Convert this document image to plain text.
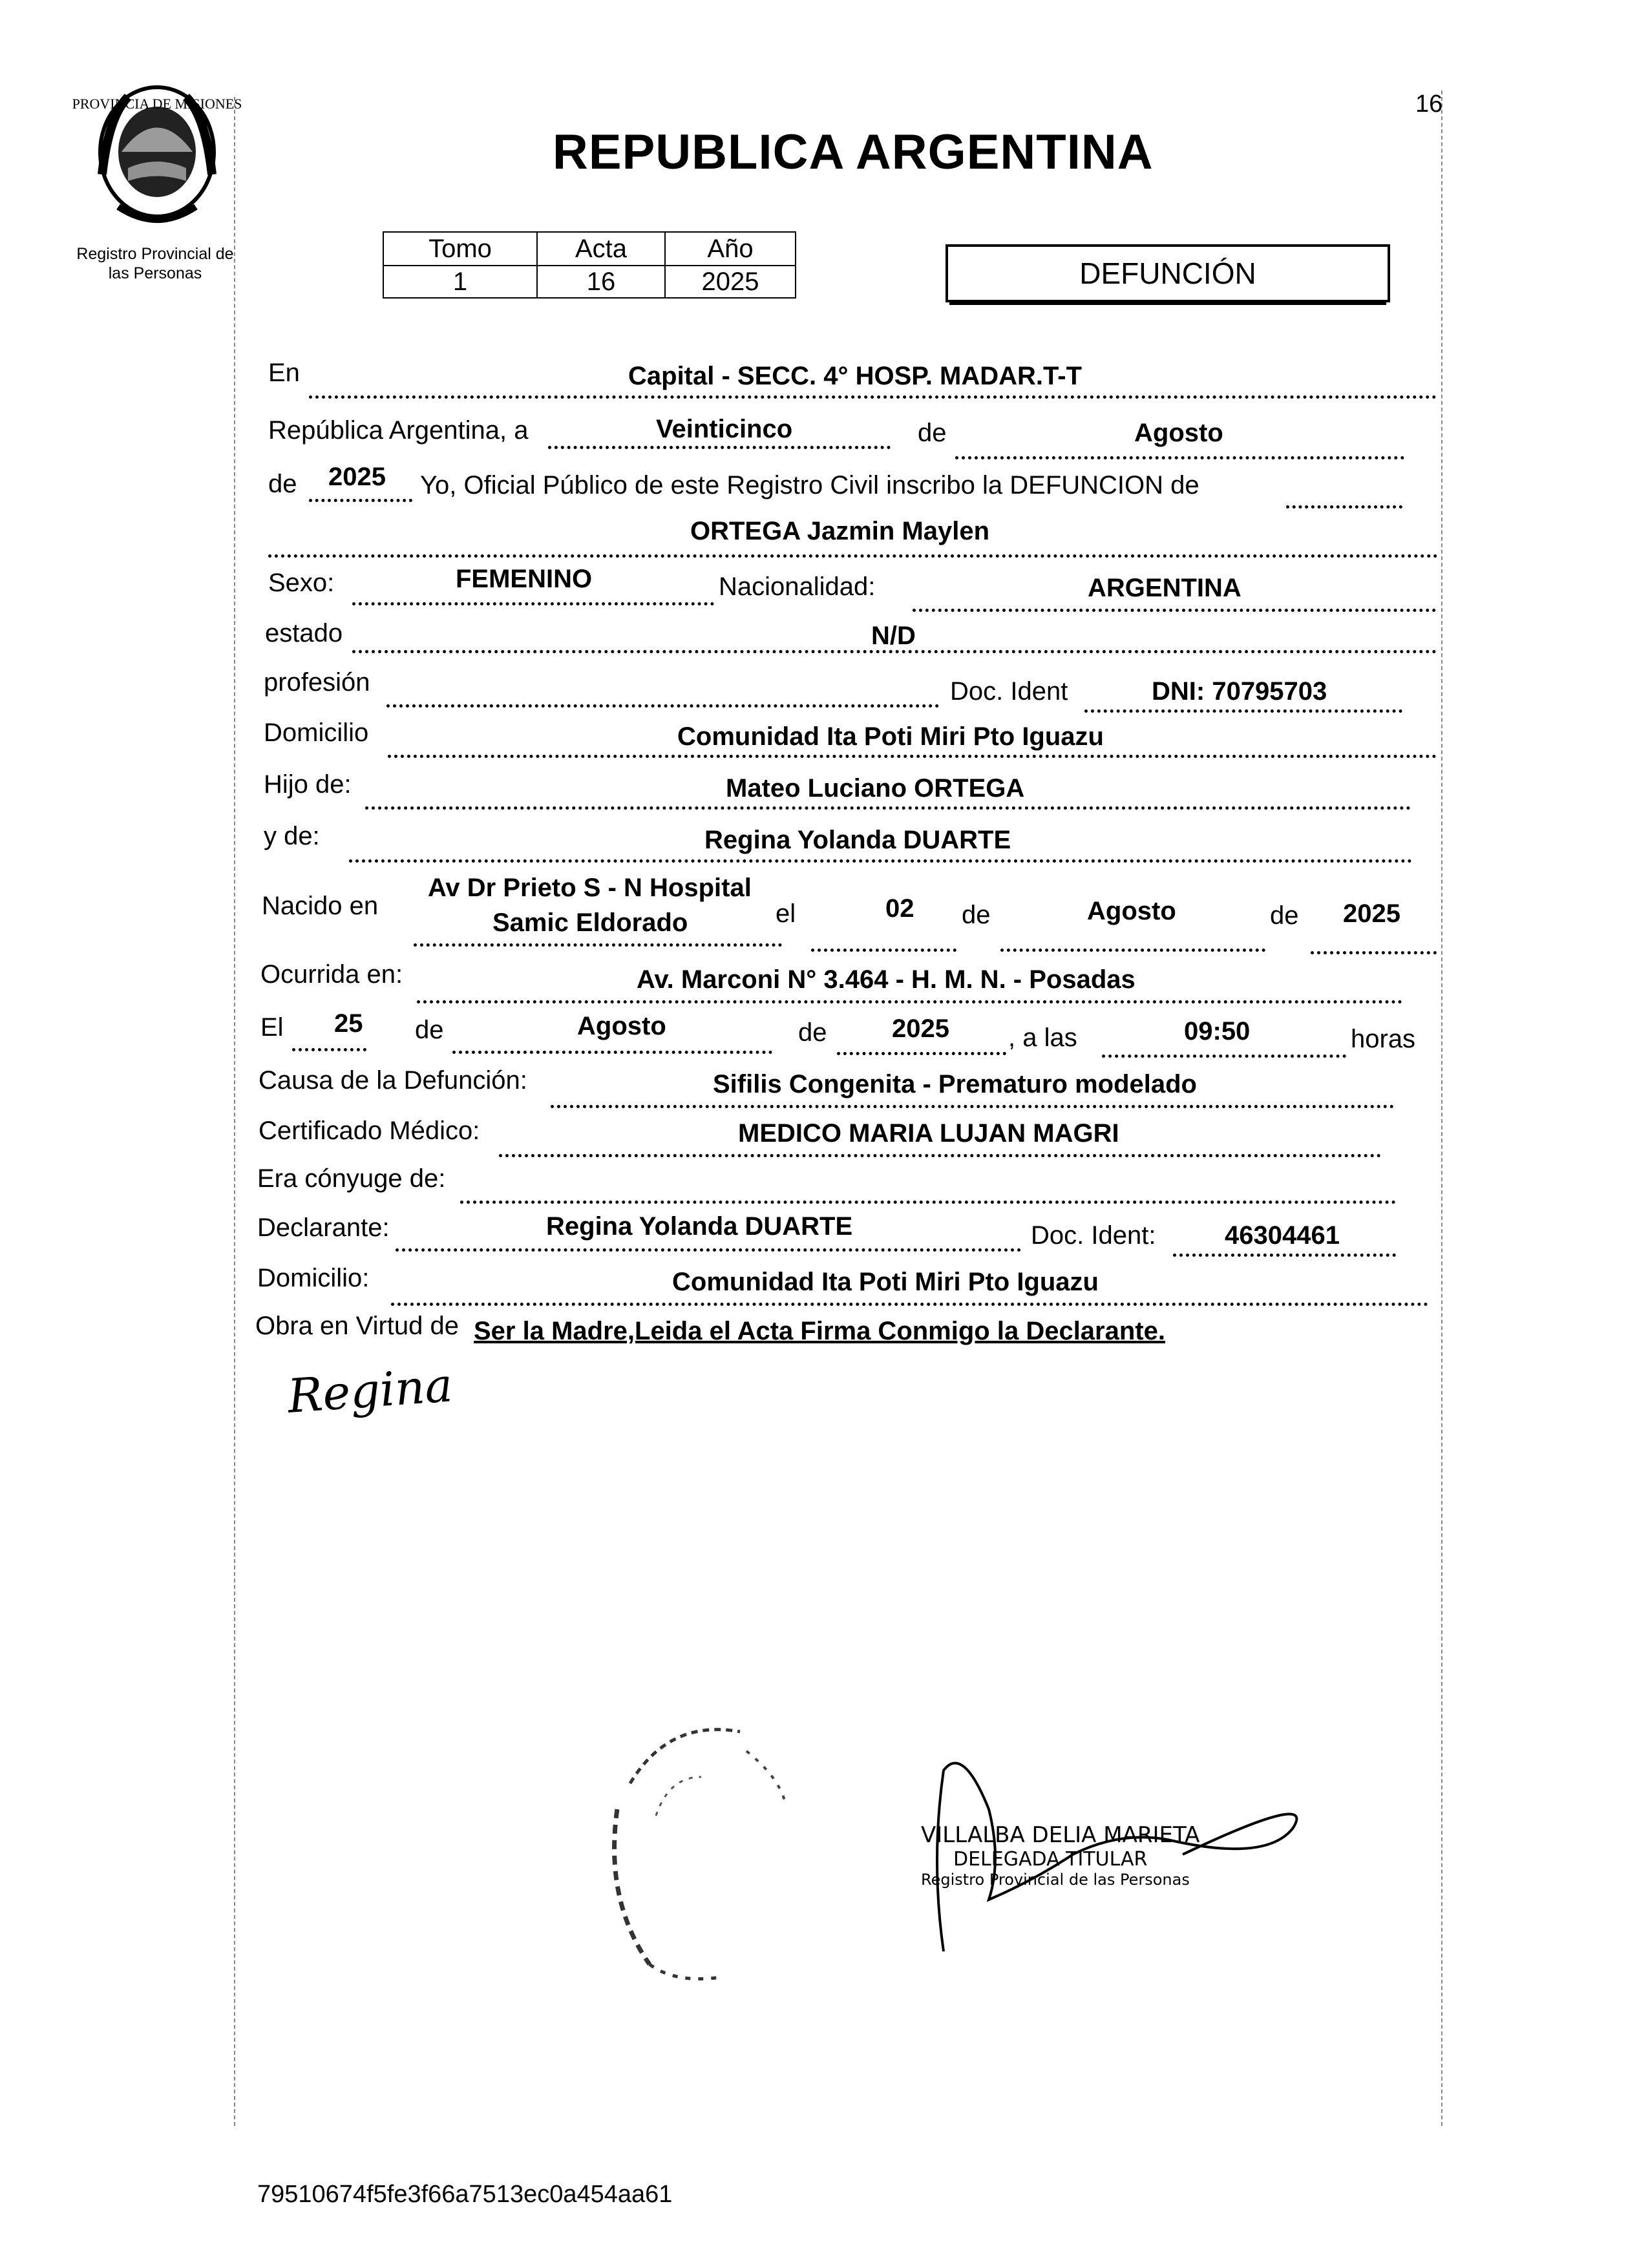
16
PROVINCIA DE MISIONES
Registro Provincial de
las Personas
REPUBLICA ARGENTINA
Tomo	Acta	Año
1	16	2025	DEFUNCIÓN
En	Capital - SECC. 4° HOSP. MADAR.T-T
República Argentina, a	Veinticinco	de	Agosto
de 2025 Yo, Oficial Público de este Registro Civil inscribo la DEFUNCION de
ORTEGA Jazmin Maylen
Sexo:	FEMENINO	Nacionalidad:	ARGENTINA
estado	N/D
profesión	Doc. Ident	DNI: 70795703
Domicilio	Comunidad Ita Poti Miri Pto Iguazu
Hijo de:	Mateo Luciano ORTEGA
y de:	Regina Yolanda DUARTE
Nacido en
Av Dr Prieto S - N Hospital
Samic Eldorado	el	02 de	Agosto	de 2025
Ocurrida en:	Av. Marconi N° 3.464 - H. M. N. - Posadas
El 25 de	Agosto	de	2025 , a las	09:50	horas
Causa de la Defunción:	Sifilis Congenita - Prematuro modelado
Certificado Médico:	MEDICO MARIA LUJAN MAGRI
Era cónyuge de:
Declarante:	Regina Yolanda DUARTE	Doc. Ident:	46304461
Domicilio:	Comunidad Ita Poti Miri Pto Iguazu
Obra en Virtud de Ser la Madre,Leida el Acta Firma Conmigo la Declarante.
Regina
VILLALBA DELIA MARIETA
DELEGADA TITULAR
Registro Provincial de las Personas
79510674f5fe3f66a7513ec0a454aa61
